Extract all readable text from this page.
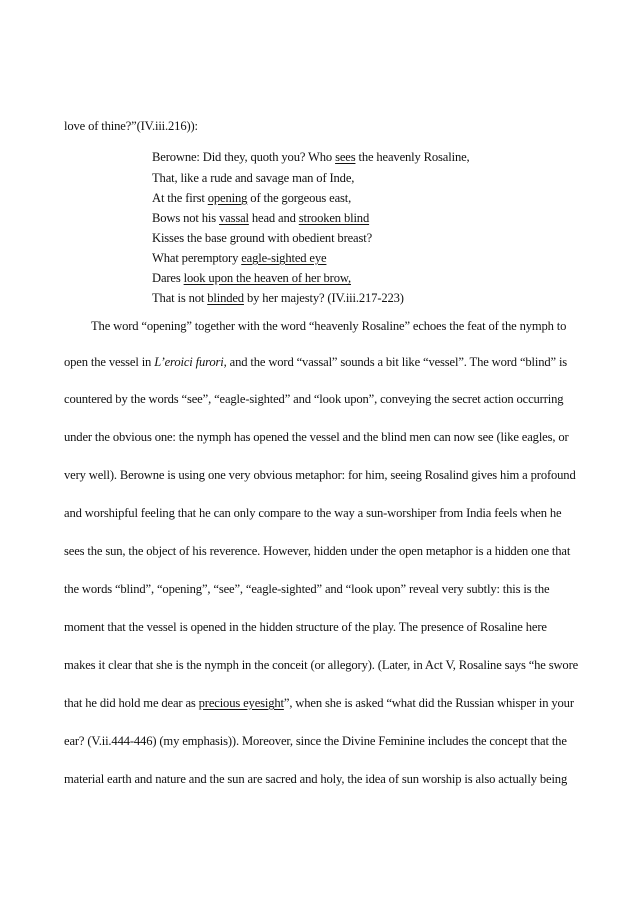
love of thine?”(IV.iii.216)):
Berowne: Did they, quoth you? Who sees the heavenly Rosaline,
That, like a rude and savage man of Inde,
At the first opening of the gorgeous east,
Bows not his vassal head and strooken blind
Kisses the base ground with obedient breast?
What peremptory eagle-sighted eye
Dares look upon the heaven of her brow,
That is not blinded by her majesty? (IV.iii.217-223)
The word “opening” together with the word “heavenly Rosaline” echoes the feat of the nymph to
open the vessel in L’eroici furori, and the word “vassal” sounds a bit like “vessel”. The word “blind” is
countered by the words “see”, “eagle-sighted” and “look upon”, conveying the secret action occurring
under the obvious one: the nymph has opened the vessel and the blind men can now see (like eagles, or
very well). Berowne is using one very obvious metaphor: for him, seeing Rosalind gives him a profound
and worshipful feeling that he can only compare to the way a sun-worshiper from India feels when he
sees the sun, the object of his reverence. However, hidden under the open metaphor is a hidden one that
the words “blind”, “opening”, “see”, “eagle-sighted” and “look upon” reveal very subtly: this is the
moment that the vessel is opened in the hidden structure of the play. The presence of Rosaline here
makes it clear that she is the nymph in the conceit (or allegory). (Later, in Act V, Rosaline says “he swore
that he did hold me dear as precious eyesight”, when she is asked “what did the Russian whisper in your
ear? (V.ii.444-446) (my emphasis)). Moreover, since the Divine Feminine includes the concept that the
material earth and nature and the sun are sacred and holy, the idea of sun worship is also actually being
